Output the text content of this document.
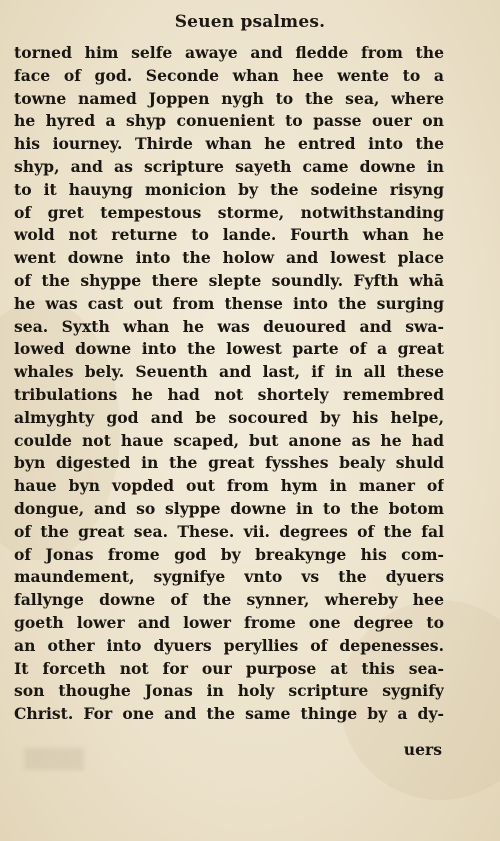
Seuen psalmes.
torned him selfe awaye and fledde from the
face of god. Seconde whan hee wente to a
towne named Joppen nygh to the sea, where
he hyred a shyp conuenient to passe ouer on
his iourney. Thirde whan he entred into the
shyp, and as scripture sayeth came downe in
to it hauyng monicion by the sodeine risyng
of gret tempestous storme, notwithstanding
wold not returne to lande. Fourth whan he
went downe into the holow and lowest place
of the shyppe there slepte soundly. Fyfth whā
he was cast out from thense into the surging
sea. Syxth whan he was deuoured and swa-
lowed downe into the lowest parte of a great
whales bely. Seuenth and last, if in all these
tribulations he had not shortely remembred
almyghty god and be socoured by his helpe,
coulde not haue scaped, but anone as he had
byn digested in the great fysshes bealy shuld
haue byn vopded out from hym in maner of
dongue, and so slyppe downe in to the botom
of the great sea. These. vii. degrees of the fal
of Jonas frome god by breakynge his com-
maundement, sygnifye vnto vs the dyuers
fallynge downe of the synner, whereby hee
goeth lower and lower frome one degree to
an other into dyuers peryllies of depenesses.
It forceth not for our purpose at this sea-
son thoughe Jonas in holy scripture sygnify
Christ. For one and the same thinge by a dy-
uers
